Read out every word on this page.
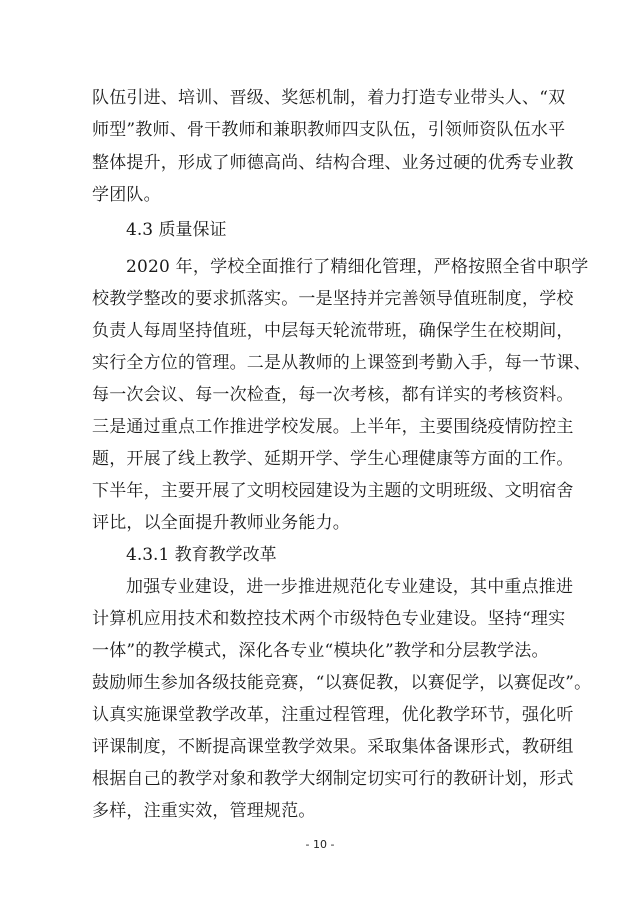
队伍引进、培训、晋级、奖惩机制，着力打造专业带头人、“双
师型”教师、骨干教师和兼职教师四支队伍，引领师资队伍水平
整体提升，形成了师德高尚、结构合理、业务过硬的优秀专业教
学团队。
4.3 质量保证
2020 年，学校全面推行了精细化管理，严格按照全省中职学
校教学整改的要求抓落实。一是坚持并完善领导值班制度，学校
负责人每周坚持值班，中层每天轮流带班，确保学生在校期间，
实行全方位的管理。二是从教师的上课签到考勤入手，每一节课、
每一次会议、每一次检查，每一次考核，都有详实的考核资料。
三是通过重点工作推进学校发展。上半年，主要围绕疫情防控主
题，开展了线上教学、延期开学、学生心理健康等方面的工作。
下半年，主要开展了文明校园建设为主题的文明班级、文明宿舍
评比，以全面提升教师业务能力。
4.3.1 教育教学改革
加强专业建设，进一步推进规范化专业建设，其中重点推进
计算机应用技术和数控技术两个市级特色专业建设。坚持“理实
一体”的教学模式，深化各专业“模块化”教学和分层教学法。
鼓励师生参加各级技能竞赛，“以赛促教，以赛促学，以赛促改”。
认真实施课堂教学改革，注重过程管理，优化教学环节，强化听
评课制度，不断提高课堂教学效果。采取集体备课形式，教研组
根据自己的教学对象和教学大纲制定切实可行的教研计划，形式
多样，注重实效，管理规范。
- 10 -
